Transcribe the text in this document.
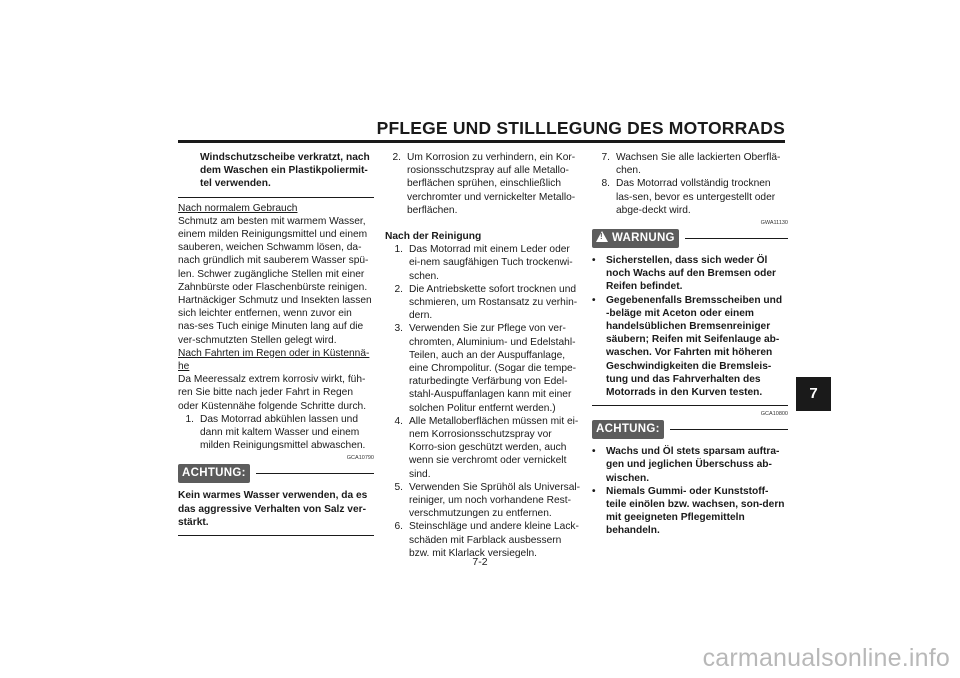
PFLEGE UND STILLLEGUNG DES MOTORRADS
7
Windschutzscheibe verkratzt, nach dem Waschen ein Plastikpoliermit-tel verwenden.
Nach normalem Gebrauch
Schmutz am besten mit warmem Wasser, einem milden Reinigungsmittel und einem sauberen, weichen Schwamm lösen, da-nach gründlich mit sauberem Wasser spü-len. Schwer zugängliche Stellen mit einer Zahnbürste oder Flaschenbürste reinigen. Hartnäckiger Schmutz und Insekten lassen sich leichter entfernen, wenn zuvor ein nas-ses Tuch einige Minuten lang auf die ver-schmutzten Stellen gelegt wird.
Nach Fahrten im Regen oder in Küstennä-he
Da Meeressalz extrem korrosiv wirkt, füh-ren Sie bitte nach jeder Fahrt in Regen oder Küstennähe folgende Schritte durch.
1. Das Motorrad abkühlen lassen und dann mit kaltem Wasser und einem milden Reinigungsmittel abwaschen.
GCA10790
ACHTUNG:
Kein warmes Wasser verwenden, da es das aggressive Verhalten von Salz ver-stärkt.
2. Um Korrosion zu verhindern, ein Kor-rosionsschutzspray auf alle Metallo-berflächen sprühen, einschließlich verchromter und vernickelter Metallo-berflächen.
Nach der Reinigung
1. Das Motorrad mit einem Leder oder ei-nem saugfähigen Tuch trockenwi-schen.
2. Die Antriebskette sofort trocknen und schmieren, um Rostansatz zu verhin-dern.
3. Verwenden Sie zur Pflege von ver-chromten, Aluminium- und Edelstahl-Teilen, auch an der Auspuffanlage, eine Chrompolitur. (Sogar die tempe-raturbedingte Verfärbung von Edel-stahl-Auspuffanlagen kann mit einer solchen Politur entfernt werden.)
4. Alle Metalloberflächen müssen mit ei-nem Korrosionsschutzspray vor Korro-sion geschützt werden, auch wenn sie verchromt oder vernickelt sind.
5. Verwenden Sie Sprühöl als Universal-reiniger, um noch vorhandene Rest-verschmutzungen zu entfernen.
6. Steinschläge und andere kleine Lack-schäden mit Farblack ausbessern bzw. mit Klarlack versiegeln.
7. Wachsen Sie alle lackierten Oberflä-chen.
8. Das Motorrad vollständig trocknen las-sen, bevor es untergestellt oder abge-deckt wird.
GWA11130
! WARNUNG
•	Sicherstellen, dass sich weder Öl noch Wachs auf den Bremsen oder Reifen befindet.
•	Gegebenenfalls Bremsscheiben und -beläge mit Aceton oder einem handelsüblichen Bremsenreiniger säubern; Reifen mit Seifenlauge ab-waschen. Vor Fahrten mit höheren Geschwindigkeiten die Bremsleis-tung und das Fahrverhalten des Motorrads in den Kurven testen.
GCA10800
ACHTUNG:
•	Wachs und Öl stets sparsam auftra-gen und jeglichen Überschuss ab-wischen.
•	Niemals Gummi- oder Kunststoff-teile einölen bzw. wachsen, son-dern mit geeigneten Pflegemitteln behandeln.
7-2
carmanualsonline.info
